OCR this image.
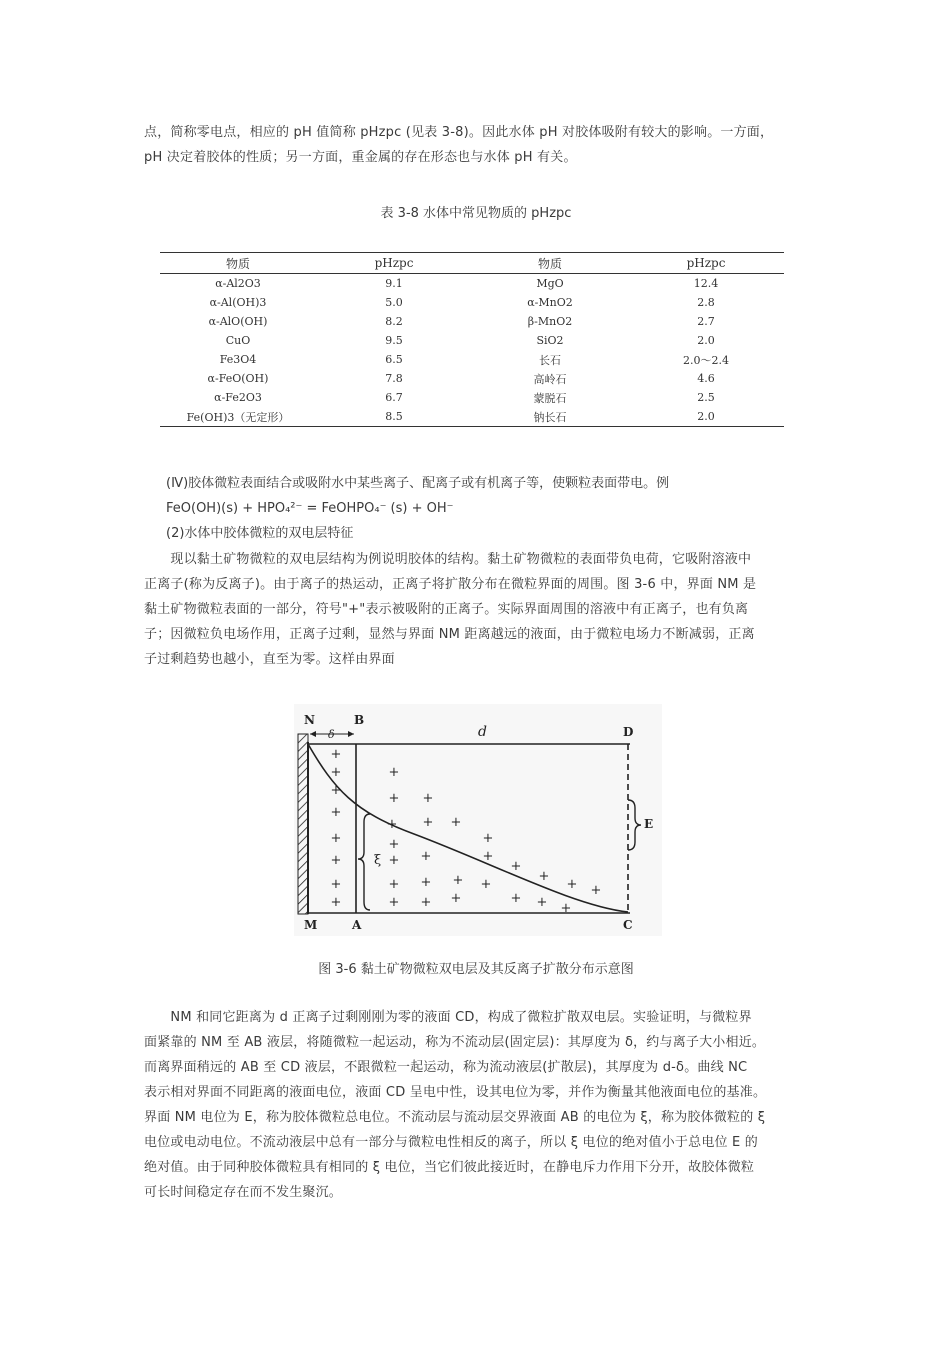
点，简称零电点，相应的 pH 值简称 pHzpc (见表 3-8)。因此水体 pH 对胶体吸附有较大的影响。一方面，
pH 决定着胶体的性质；另一方面，重金属的存在形态也与水体 pH 有关。
表 3-8 水体中常见物质的 pHzpc
物质	pHzpc	物质	pHzpc
α-Al2O3	9.1	MgO	12.4
α-Al(OH)3	5.0	α-MnO2	2.8
α-AlO(OH)	8.2	β-MnO2	2.7
CuO	9.5	SiO2	2.0
Fe3O4	6.5	长石	2.0～2.4
α-FeO(OH)	7.8	高岭石	4.6
α-Fe2O3	6.7	蒙脱石	2.5
Fe(OH)3（无定形）	8.5	钠长石	2.0
(Ⅳ)胶体微粒表面结合或吸附水中某些离子、配离子或有机离子等，使颗粒表面带电。例
FeO(OH)(s) + HPO₄²⁻ = FeOHPO₄⁻ (s) + OH⁻
(2)水体中胶体微粒的双电层特征
　　现以黏土矿物微粒的双电层结构为例说明胶体的结构。黏土矿物微粒的表面带负电荷，它吸附溶液中
正离子(称为反离子)。由于离子的热运动，正离子将扩散分布在微粒界面的周围。图 3-6 中，界面 NM 是
黏土矿物微粒表面的一部分，符号"+"表示被吸附的正离子。实际界面周围的溶液中有正离子，也有负离
子；因微粒负电场作用，正离子过剩，显然与界面 NM 距离越远的液面，由于微粒电场力不断减弱，正离
子过剩趋势也越小，直至为零。这样由界面
N	B
D
M	A	C
δ	d
E
ξ
+
+
+
+
+
+
+
+
+
+ +
+ + +
+	+
+ +	+
+
+ + + +
+
+ +
+ + +	+ + +
图 3-6 黏土矿物微粒双电层及其反离子扩散分布示意图
　　NM 和同它距离为 d 正离子过剩刚刚为零的液面 CD，构成了微粒扩散双电层。实验证明，与微粒界
面紧靠的 NM 至 AB 液层，将随微粒一起运动，称为不流动层(固定层)：其厚度为 δ，约与离子大小相近。
而离界面稍远的 AB 至 CD 液层，不跟微粒一起运动，称为流动液层(扩散层)，其厚度为 d-δ。曲线 NC
表示相对界面不同距离的液面电位，液面 CD 呈电中性，设其电位为零，并作为衡量其他液面电位的基准。
界面 NM 电位为 E，称为胶体微粒总电位。不流动层与流动层交界液面 AB 的电位为 ξ，称为胶体微粒的 ξ
电位或电动电位。不流动液层中总有一部分与微粒电性相反的离子，所以 ξ 电位的绝对值小于总电位 E 的
绝对值。由于同种胶体微粒具有相同的 ξ 电位，当它们彼此接近时，在静电斥力作用下分开，故胶体微粒
可长时间稳定存在而不发生聚沉。
